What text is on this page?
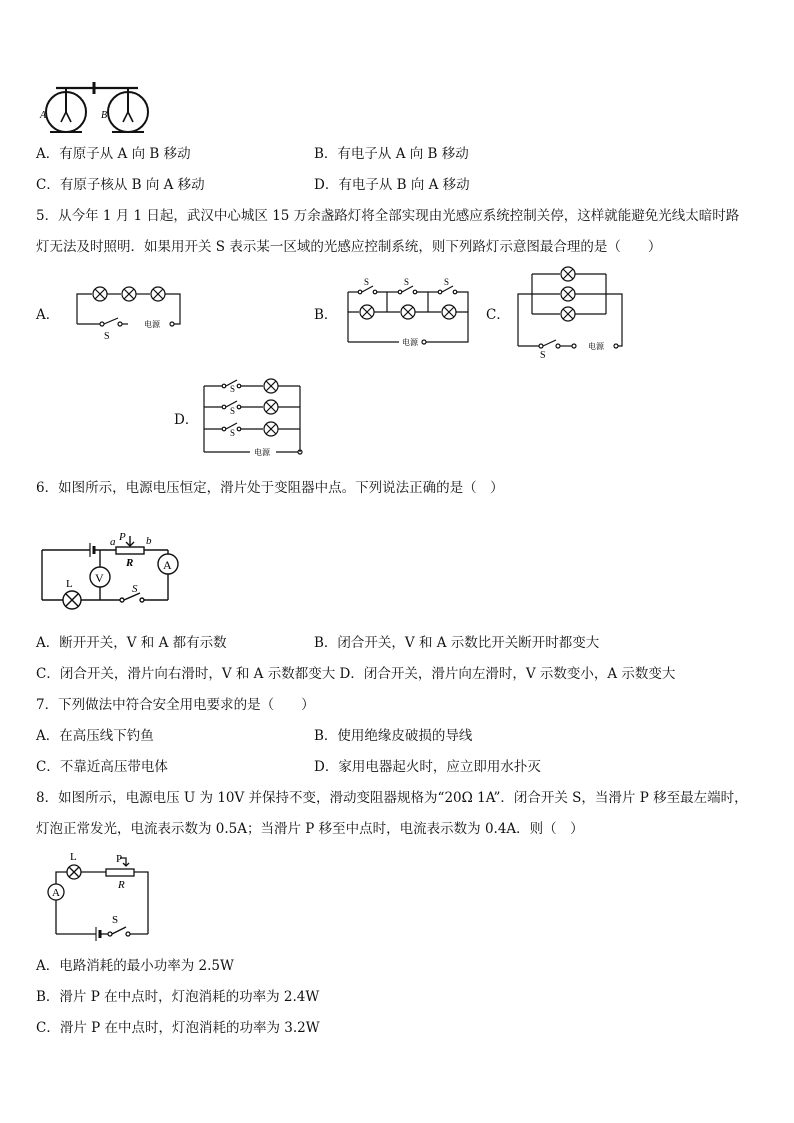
A	B
A．有原子从 A 向 B 移动	B．有电子从 A 向 B 移动
C．有原子核从 B 向 A 移动	D．有电子从 B 向 A 移动
5．从今年 1 月 1 日起，武汉中心城区 15 万余盏路灯将全部实现由光感应系统控制关停，这样就能避免光线太暗时路
灯无法及时照明．如果用开关 S 表示某一区域的光感应控制系统，则下列路灯示意图最合理的是（　　）
A．
S
电源
B．
S	S	S
电源
C．
S
电源
D．
S
S
S
电源
6．如图所示，电源电压恒定，滑片处于变阻器中点。下列说法正确的是（　）
a P b
R
V
A
L	S
A．断开开关，V 和 A 都有示数	B．闭合开关，V 和 A 示数比开关断开时都变大
C．闭合开关，滑片向右滑时，V 和 A 示数都变大 D．闭合开关，滑片向左滑时，V 示数变小，A 示数变大
7．下列做法中符合安全用电要求的是（　　）
A．在高压线下钓鱼	B．使用绝缘皮破损的导线
C．不靠近高压带电体	D．家用电器起火时，应立即用水扑灭
8．如图所示，电源电压 U 为 10V 并保持不变，滑动变阻器规格为“20Ω 1A”．闭合开关 S，当滑片 P 移至最左端时，
灯泡正常发光，电流表示数为 0.5A；当滑片 P 移至中点时，电流表示数为 0.4A．则（　）
L	P
R
A
S
A．电路消耗的最小功率为 2.5W
B．滑片 P 在中点时，灯泡消耗的功率为 2.4W
C．滑片 P 在中点时，灯泡消耗的功率为 3.2W
